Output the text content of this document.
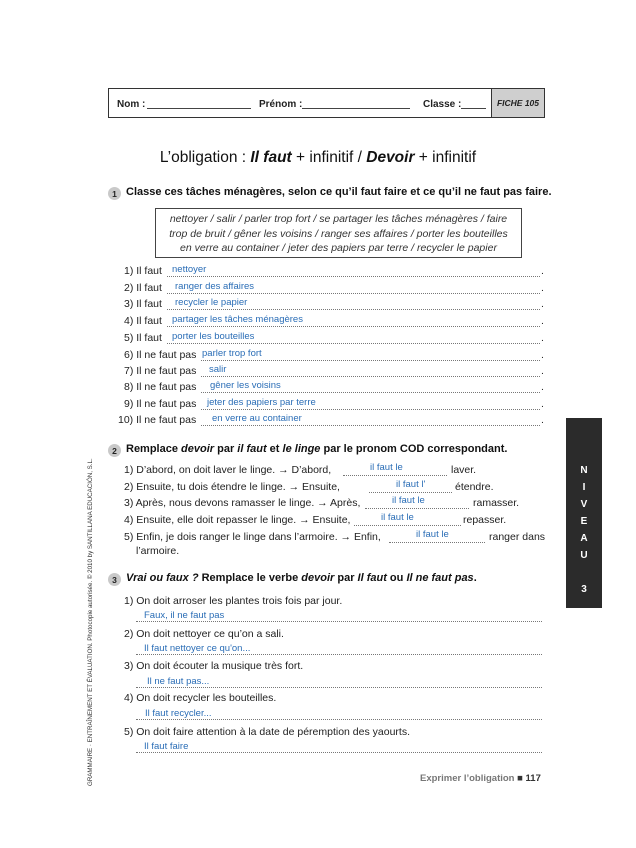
Nom :	Prénom :	Classe :	FICHE 105
L’obligation : Il faut + infinitif / Devoir + infinitif
1 Classe ces tâches ménagères, selon ce qu’il faut faire et ce qu’il ne faut pas faire.
nettoyer / salir / parler trop fort / se partager les tâches ménagères / faire
trop de bruit / gêner les voisins / ranger ses affaires / porter les bouteilles
en verre au container / jeter des papiers par terre / recycler le papier
1) Il faut nettoyer	.
2) Il faut ranger des affaires	.
3) Il faut recycler le papier	.
4) Il faut partager les tâches ménagères	.
5) Il faut porter les bouteilles	.
6) Il ne faut pas parler trop fort	.
7) Il ne faut pas salir	.
8) Il ne faut pas gêner les voisins	.
9) Il ne faut pas jeter des papiers par terre	.
10) Il ne faut pas en verre au container	.
2 Remplace devoir par il faut et le linge par le pronom COD correspondant.
1) D’abord, on doit laver le linge. → D’abord,	il faut le	laver.
2) Ensuite, tu dois étendre le linge. → Ensuite,	il faut l'	étendre.
3) Après, nous devons ramasser le linge. → Après,	il faut le	ramasser.
4) Ensuite, elle doit repasser le linge. → Ensuite,	il faut le	repasser.
5) Enfin, je dois ranger le linge dans l’armoire. → Enfin,	il faut le	ranger dans
l’armoire.
3 Vrai ou faux ? Remplace le verbe devoir par Il faut ou Il ne faut pas.
1) On doit arroser les plantes trois fois par jour.
Faux, il ne faut pas
2) On doit nettoyer ce qu’on a sali.
Il faut nettoyer ce qu'on...
3) On doit écouter la musique très fort.
Il ne faut pas...
4) On doit recycler les bouteilles.
Il faut recycler...
5) On doit faire attention à la date de péremption des yaourts.
Il faut faire
N
I
V
E
A
U
3
GRAMMAIRE · ENTRAÎNEMENT ET ÉVALUATION. Photocopie autorisée. © 2010 by SANTILLANA EDUCACIÓN, S.L.	Exprimer l’obligation ■ 117
